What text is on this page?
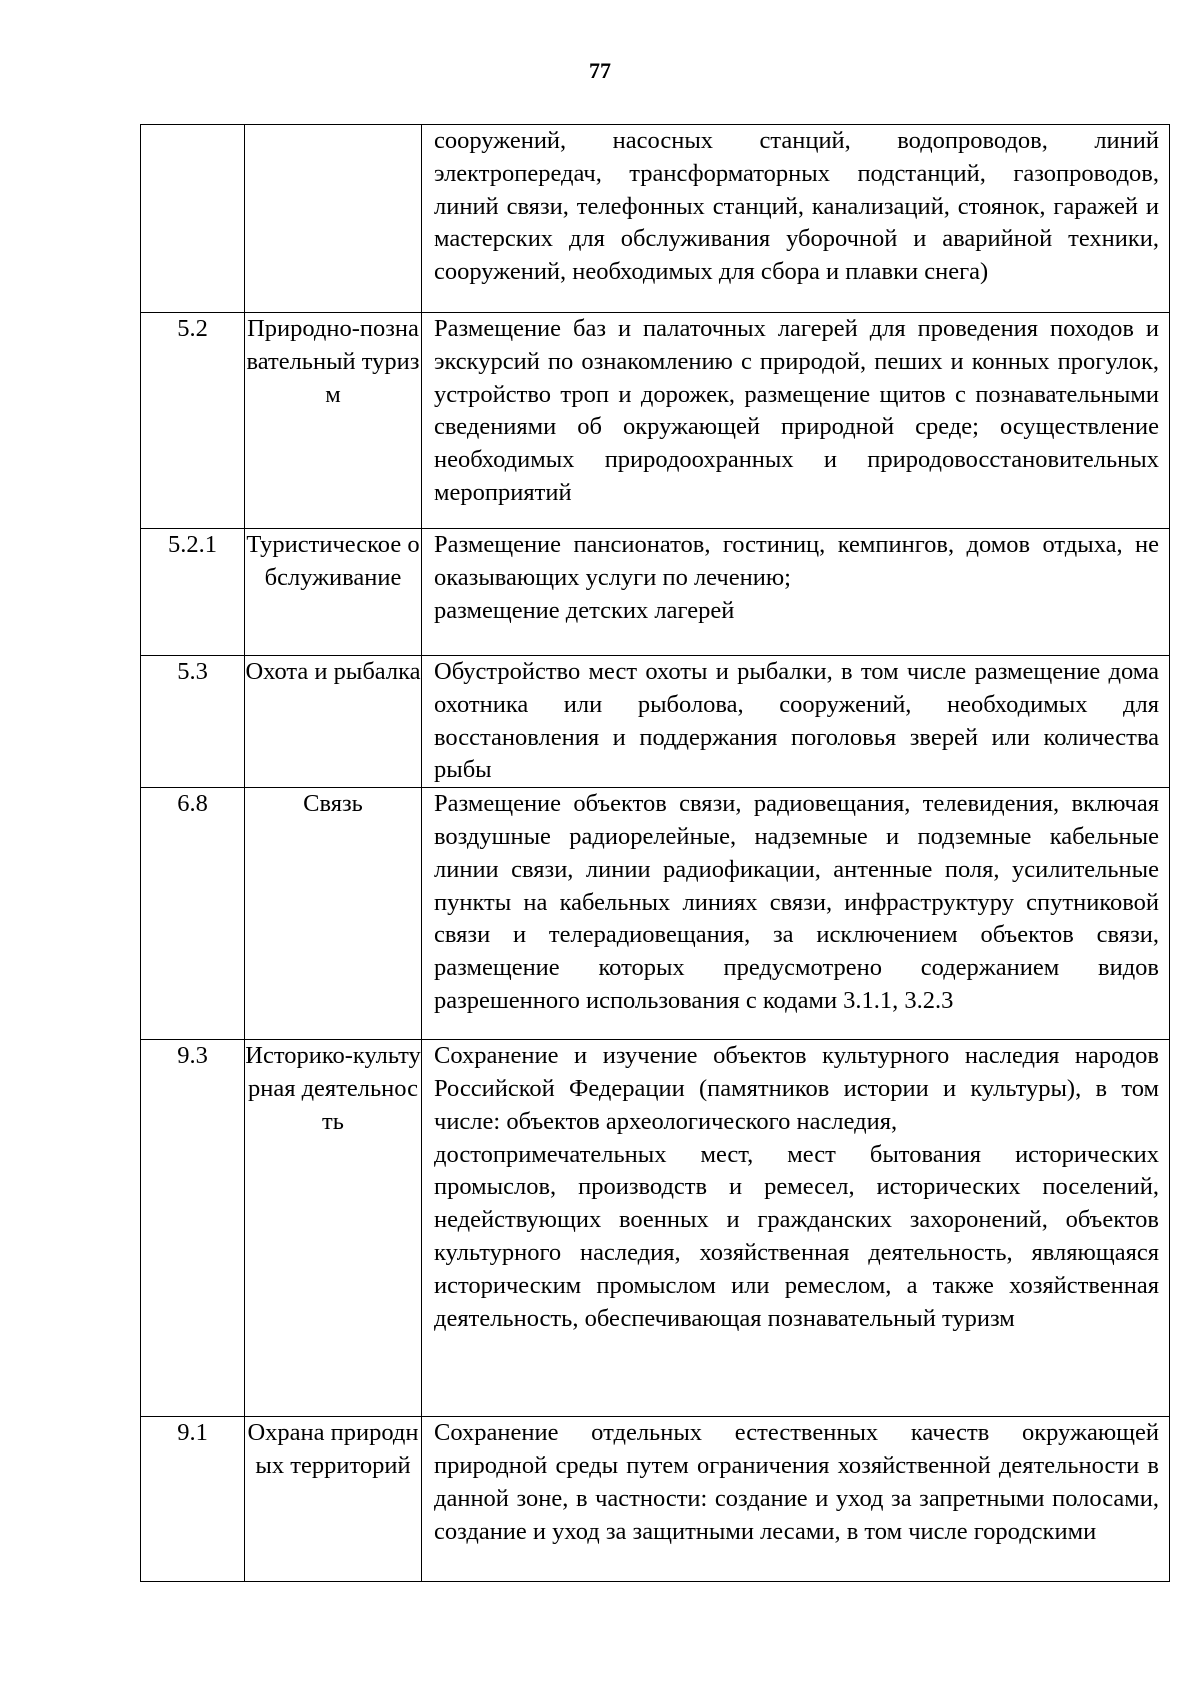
77

		сооружений, насосных станций, водопроводов, линий электропередач, трансформаторных подстанций, газопроводов, линий связи, телефонных станций, канализаций, стоянок, гаражей и мастерских для обслуживания уборочной и аварийной техники, сооружений, необходимых для сбора и плавки снега)

5.2	Природно-познавательный туризм	Размещение баз и палаточных лагерей для проведения походов и экскурсий по ознакомлению с природой, пеших и конных прогулок, устройство троп и дорожек, размещение щитов с познавательными сведениями об окружающей природной среде; осуществление необходимых природоохранных и природовосстановительных мероприятий

5.2.1	Туристическое обслуживание	Размещение пансионатов, гостиниц, кемпингов, домов отдыха, не оказывающих услуги по лечению;
размещение детских лагерей

5.3	Охота и рыбалка	Обустройство мест охоты и рыбалки, в том числе размещение дома охотника или рыболова, сооружений, необходимых для восстановления и поддержания поголовья зверей или количества рыбы

6.8	Связь	Размещение объектов связи, радиовещания, телевидения, включая воздушные радиорелейные, надземные и подземные кабельные линии связи, линии радиофикации, антенные поля, усилительные пункты на кабельных линиях связи, инфраструктуру спутниковой связи и телерадиовещания, за исключением объектов связи, размещение которых предусмотрено содержанием видов разрешенного использования с кодами 3.1.1, 3.2.3

9.3	Историко-культурная деятельность	Сохранение и изучение объектов культурного наследия народов Российской Федерации (памятников истории и культуры), в том числе: объектов археологического наследия,
достопримечательных мест, мест бытования исторических промыслов, производств и ремесел, исторических поселений, недействующих военных и гражданских захоронений, объектов культурного наследия, хозяйственная деятельность, являющаяся историческим промыслом или ремеслом, а также хозяйственная деятельность, обеспечивающая познавательный туризм

9.1	Охрана природных территорий	Сохранение отдельных естественных качеств окружающей природной среды путем ограничения хозяйственной деятельности в данной зоне, в частности: создание и уход за запретными полосами, создание и уход за защитными лесами, в том числе городскими
